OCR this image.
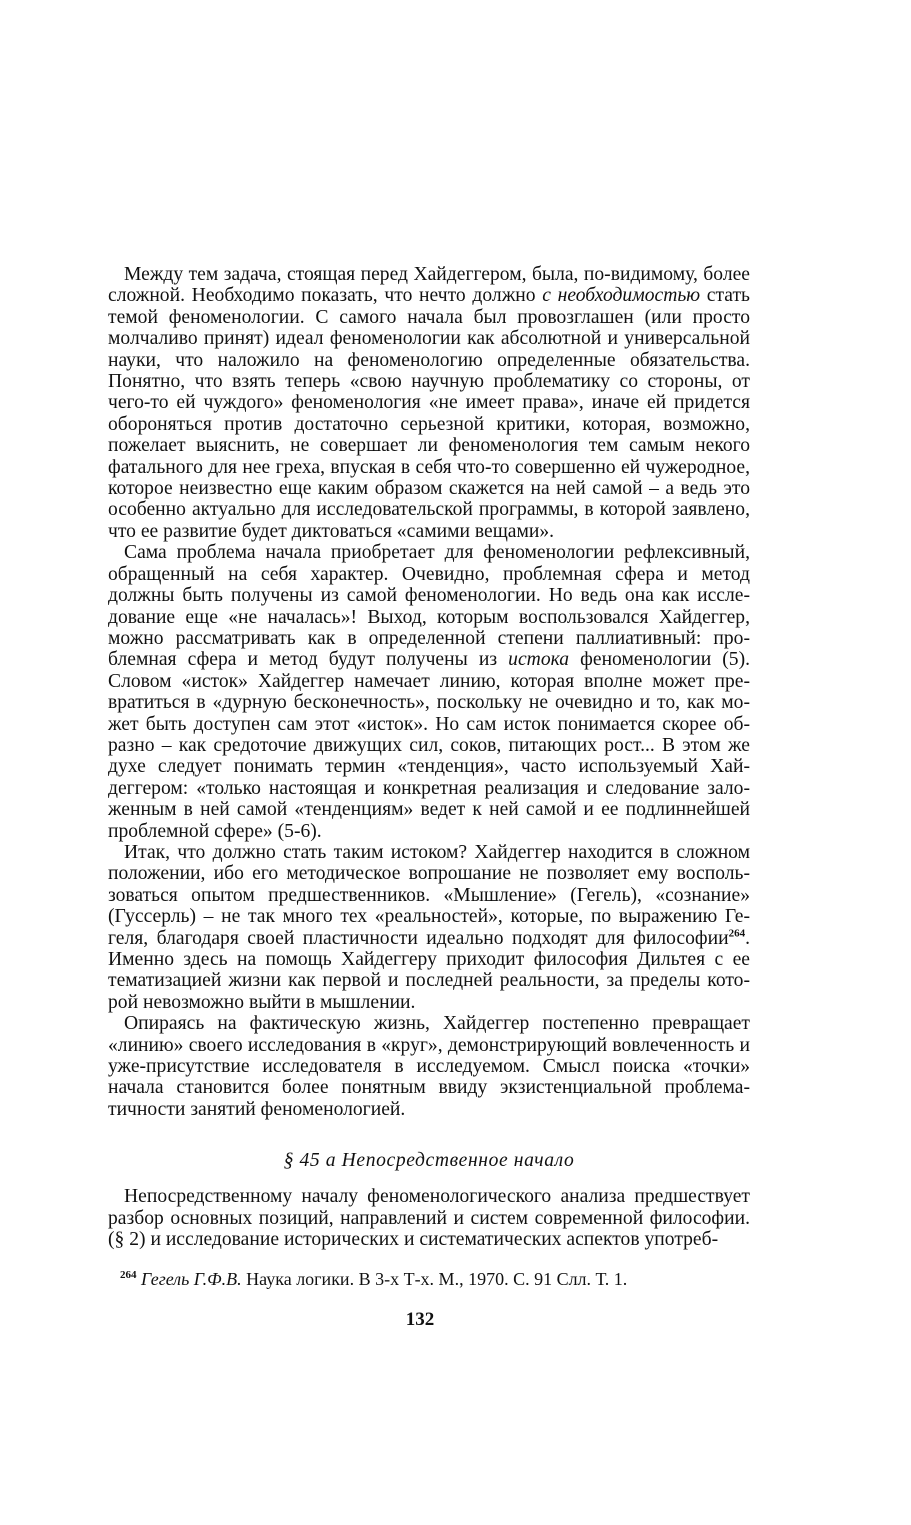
Между тем задача, стоящая перед Хайдеггером, была, по-видимому, более сложной. Необходимо показать, что нечто должно с необходимостью стать темой феноменологии. С самого начала был провозглашен (или просто молчаливо принят) идеал феноменологии как абсолютной и универсальной науки, что наложило на феноменологию определенные обязательства. Понятно, что взять теперь «свою научную проблематику со стороны, от чего-то ей чуждого» феноменология «не имеет права», иначе ей придется обороняться против достаточно серьезной критики, которая, возможно, пожелает выяснить, не совершает ли феноменология тем самым некого фатального для нее греха, впуская в себя что-то совершенно ей чужеродное, которое неизвестно еще каким образом скажется на ней самой – а ведь это особенно актуально для исследовательской программы, в которой заявлено, что ее развитие будет диктоваться «самими вещами».

Сама проблема начала приобретает для феноменологии рефлексивный, обращенный на себя характер. Очевидно, проблемная сфера и метод должны быть получены из самой феноменологии. Но ведь она как исследование еще «не началась»! Выход, которым воспользовался Хайдеггер, можно рассматривать как в определенной степени паллиативный: проблемная сфера и метод будут получены из истока феноменологии (5). Словом «исток» Хайдеггер намечает линию, которая вполне может превратиться в «дурную бесконечность», поскольку не очевидно и то, как может быть доступен сам этот «исток». Но сам исток понимается скорее образно – как средоточие движущих сил, соков, питающих рост... В этом же духе следует понимать термин «тенденция», часто используемый Хайдеггером: «только настоящая и конкретная реализация и следование заложенным в ней самой «тенденциям» ведет к ней самой и ее подлиннейшей проблемной сфере» (5-6).

Итак, что должно стать таким истоком? Хайдеггер находится в сложном положении, ибо его методическое вопрошание не позволяет ему воспользоваться опытом предшественников. «Мышление» (Гегель), «сознание» (Гуссерль) – не так много тех «реальностей», которые, по выражению Гегеля, благодаря своей пластичности идеально подходят для философии$^{264}$. Именно здесь на помощь Хайдеггеру приходит философия Дильтея с ее тематизацией жизни как первой и последней реальности, за пределы которой невозможно выйти в мышлении.

Опираясь на фактическую жизнь, Хайдеггер постепенно превращает «линию» своего исследования в «круг», демонстрирующий вовлеченность и уже-присутствие исследователя в исследуемом. Смысл поиска «точки» начала становится более понятным ввиду экзистенциальной проблематичности занятий феноменологией.

§ 45 а Непосредственное начало

Непосредственному началу феноменологического анализа предшествует разбор основных позиций, направлений и систем современной философии. (§ 2) и исследование исторических и систематических аспектов употреб-

$^{264}$ Гегель Г.Ф.В. Наука логики. В 3-х Т-х. М., 1970. С. 91 Слл. Т. 1.
132
